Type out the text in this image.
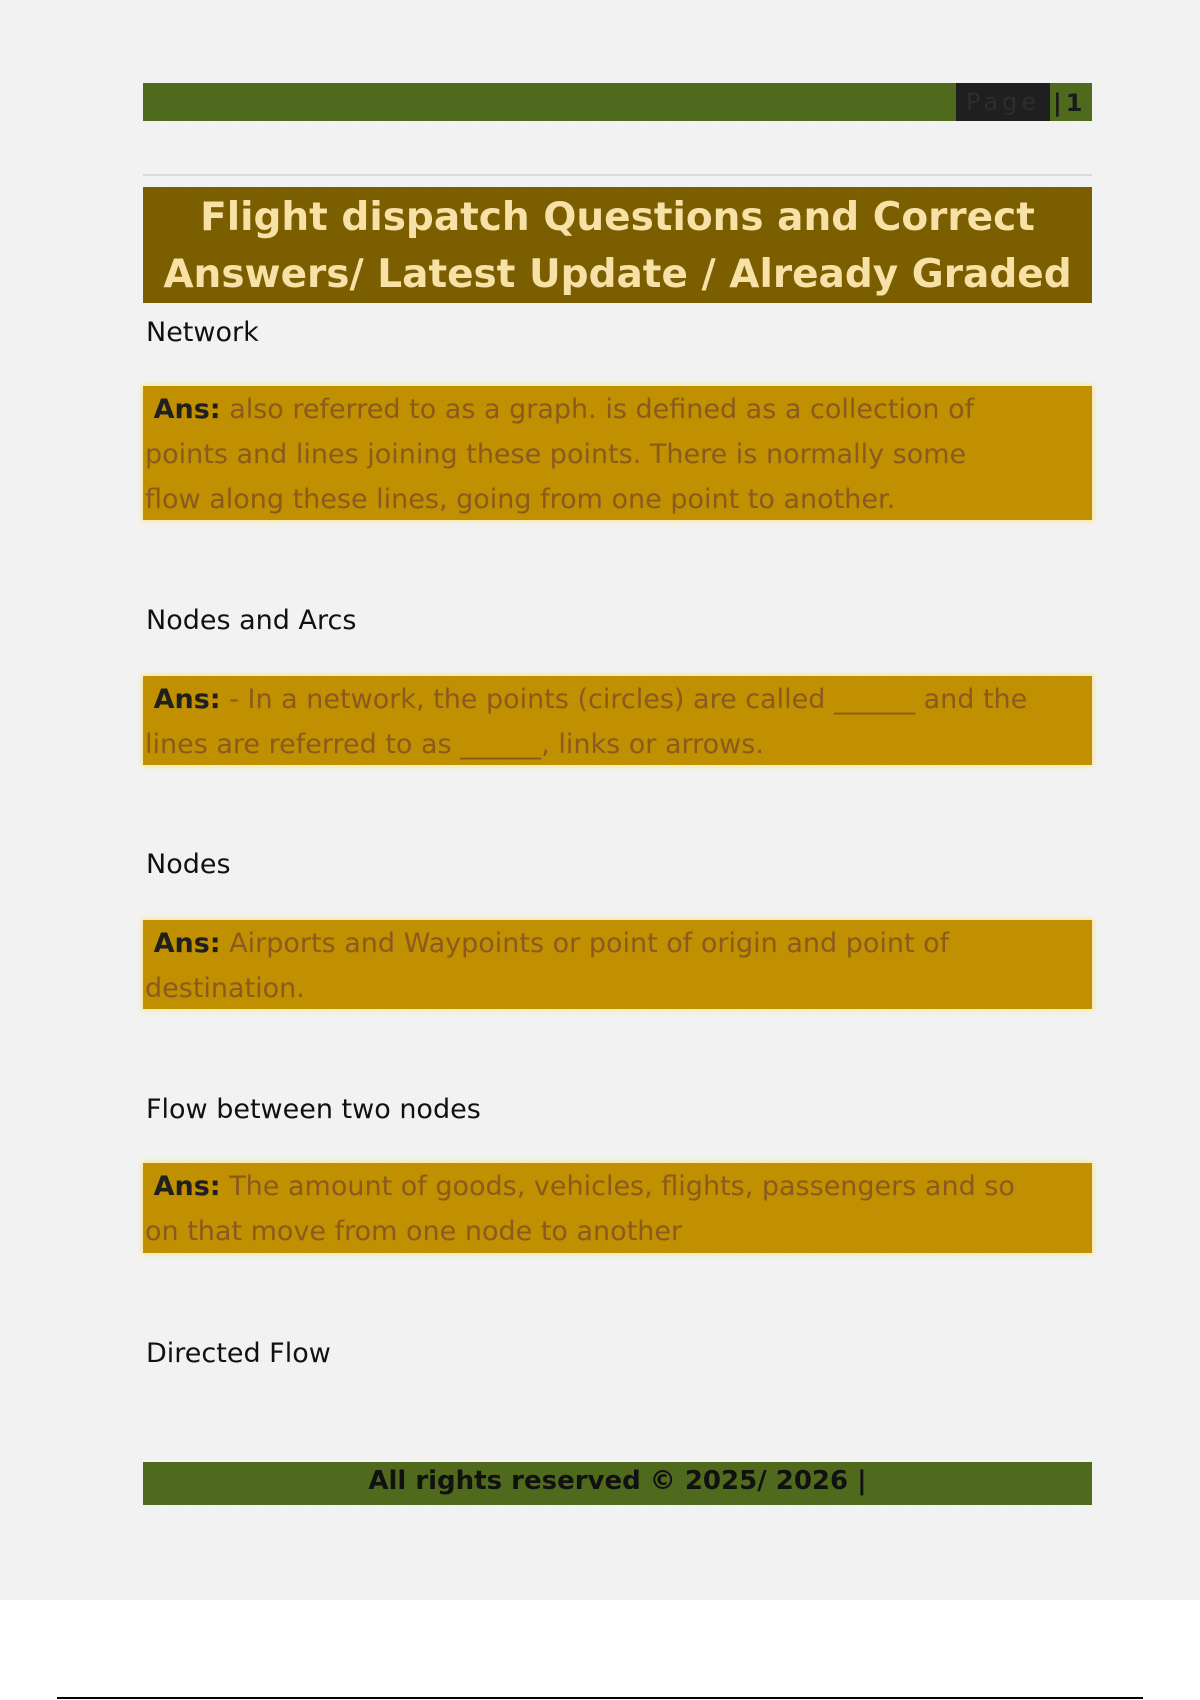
Page | 1
Flight dispatch Questions and Correct
Answers/ Latest Update / Already Graded
Network
Ans: also referred to as a graph. is defined as a collection of
points and lines joining these points. There is normally some
flow along these lines, going from one point to another.
Nodes and Arcs
Ans: - In a network, the points (circles) are called ______ and the
lines are referred to as ______, links or arrows.
Nodes
Ans: Airports and Waypoints or point of origin and point of
destination.
Flow between two nodes
Ans: The amount of goods, vehicles, flights, passengers and so
on that move from one node to another
Directed Flow
All rights reserved © 2025/ 2026 |
